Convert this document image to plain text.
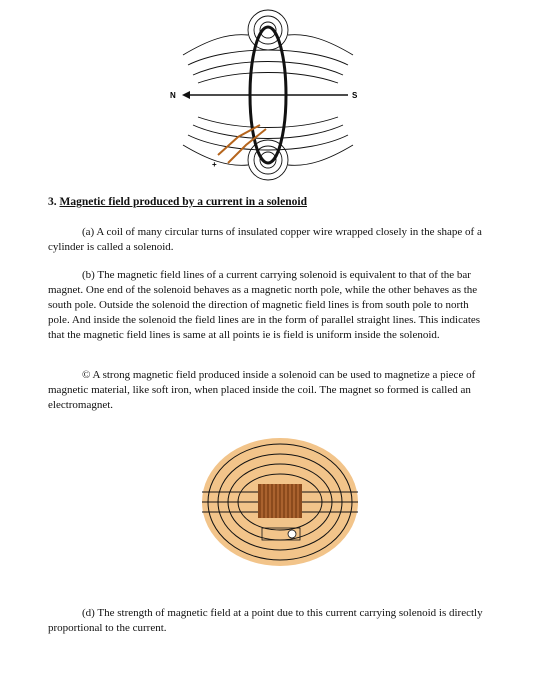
N	S
+
3. Magnetic field produced by a current in a solenoid

(a) A coil of many circular turns of insulated copper wire wrapped closely in the shape of a cylinder is called a solenoid.

(b) The magnetic field lines of a current carrying solenoid is equivalent to that of the bar magnet. One end of the solenoid behaves as a magnetic north pole, while the other behaves as the south pole. Outside the solenoid the direction of magnetic field lines is from south pole to north pole. And inside the solenoid the field lines are in the form of parallel straight lines. This indicates that the magnetic field lines is same at all points ie is field is uniform inside the solenoid.

© A strong magnetic field produced inside a solenoid can be used to magnetize a piece of magnetic material, like soft iron, when placed inside the coil. The magnet so formed is called an electromagnet.

(d) The strength of magnetic field at a point due to this current carrying solenoid is directly proportional to the current.
